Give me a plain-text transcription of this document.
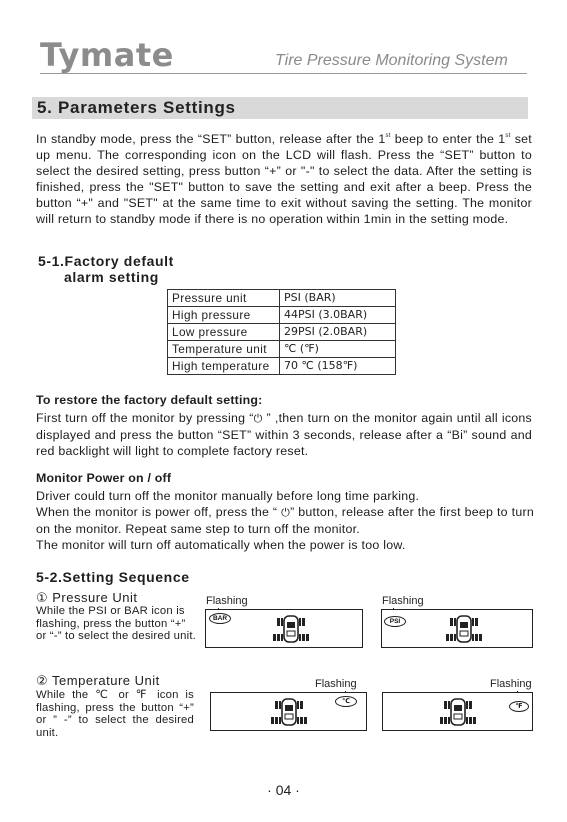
Tymate	Tire Pressure Monitoring System
5. Parameters Settings
In standby mode, press the “SET” button, release after the 1st beep to enter the 1st set up menu. The corresponding icon on the LCD will flash. Press the “SET” button to select the desired setting, press button “+” or "-" to select the data. After the setting is finished, press the "SET" button to save the setting and exit after a beep. Press the button “+" and "SET" at the same time to exit without saving the setting. The monitor will return to standby mode if there is no operation within 1min in the setting mode.
5-1.Factory default
alarm setting
Pressure unit	PSI (BAR)
High pressure	44PSI (3.0BAR)
Low pressure	29PSI (2.0BAR)
Temperature unit	℃ (℉)
High temperature	70 ℃ (158℉)
To restore the factory default setting:
First turn off the monitor by pressing “⏻ ” ,then turn on the monitor again until all icons displayed and press the button “SET” within 3 seconds, release after a “Bi” sound and red backlight will light to complete factory reset.
Monitor Power on / off
Driver could turn off the monitor manually before long time parking.
When the monitor is power off, press the “ ⏻” button, release after the first beep to turn on the monitor. Repeat same step to turn off the monitor.
The monitor will turn off automatically when the power is too low.
5-2.Setting Sequence
① Pressure Unit
While the PSI or BAR icon is flashing, press the button “+” or “-” to select the desired unit.
Flashing
BAR
Flashing
PSI
② Temperature Unit
While the ℃ or ℉ icon is flashing, press the button “+” or ” -” to select the desired unit.
Flashing
℃
Flashing
℉
· 04 ·
